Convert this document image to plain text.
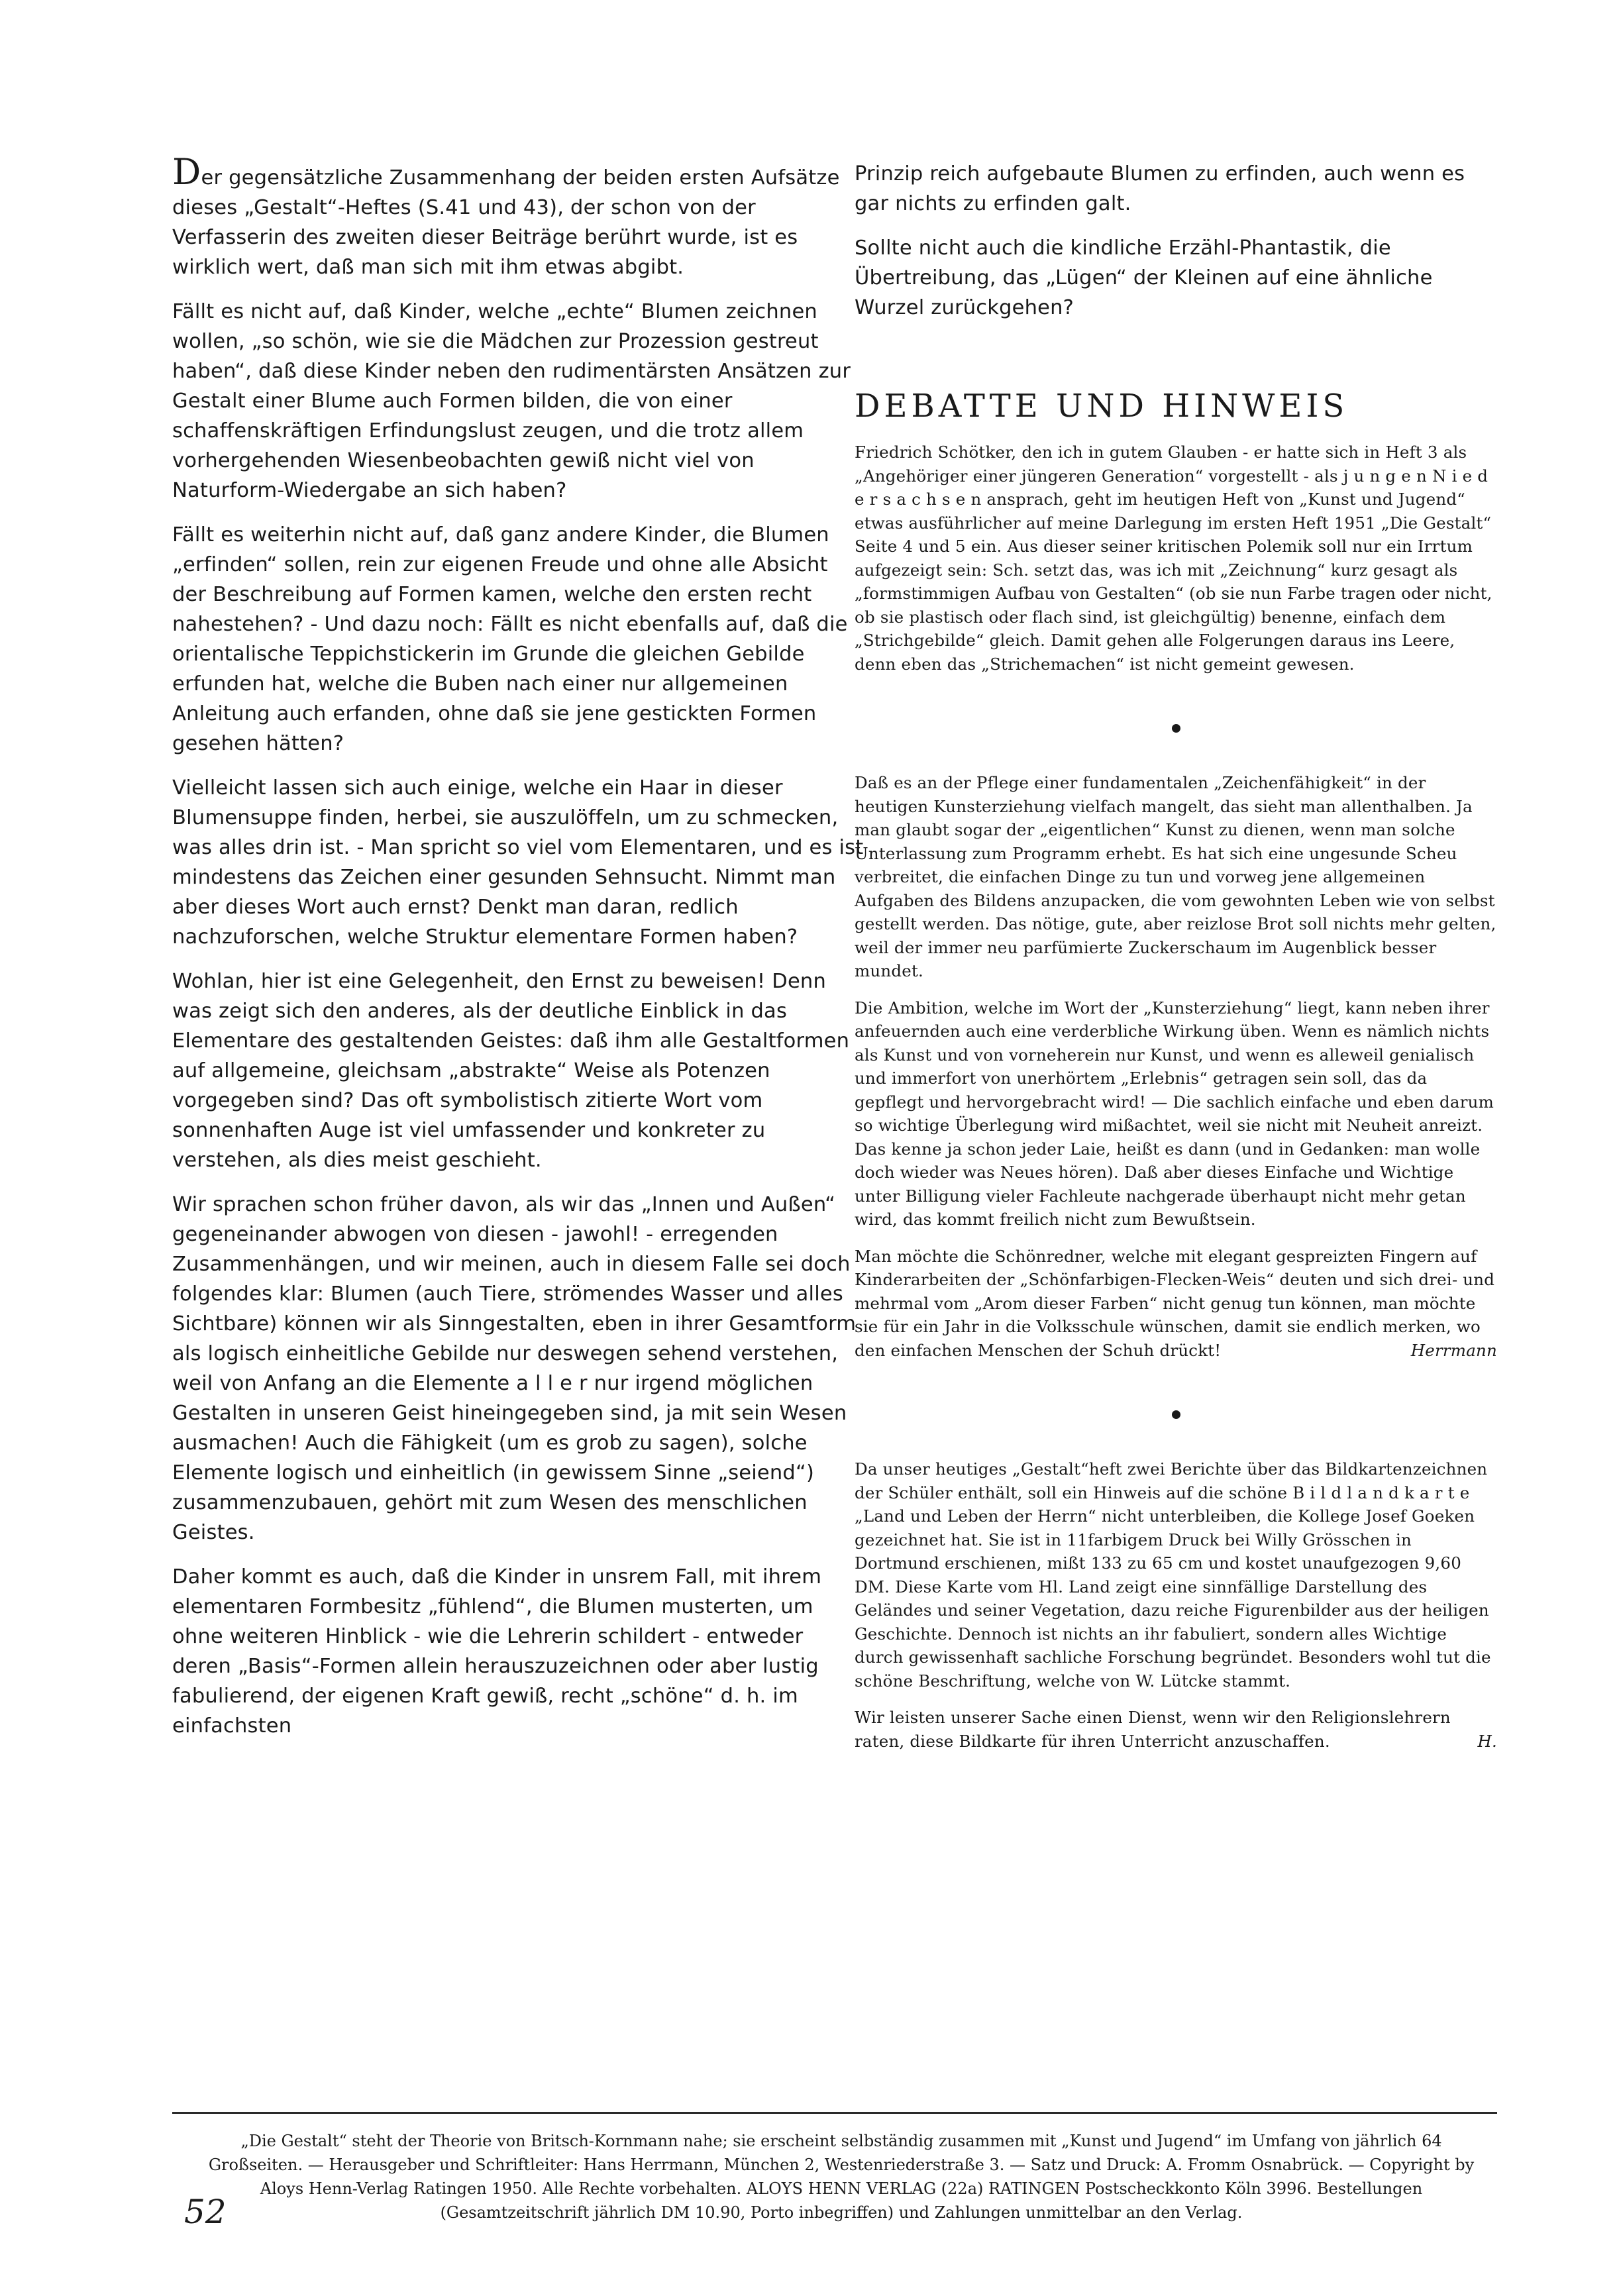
Der gegensätzliche Zusammenhang der beiden ersten Aufsätze dieses „Gestalt“-Heftes (S.41 und 43), der schon von der Verfasserin des zweiten dieser Beiträge berührt wurde, ist es wirklich wert, daß man sich mit ihm etwas abgibt.

Fällt es nicht auf, daß Kinder, welche „echte“ Blumen zeichnen wollen, „so schön, wie sie die Mädchen zur Prozession gestreut haben“, daß diese Kinder neben den rudimentärsten Ansätzen zur Gestalt einer Blume auch Formen bilden, die von einer schaffenskräftigen Erfindungslust zeugen, und die trotz allem vorhergehenden Wiesenbeobachten gewiß nicht viel von Naturform-Wiedergabe an sich haben?

Fällt es weiterhin nicht auf, daß ganz andere Kinder, die Blumen „erfinden“ sollen, rein zur eigenen Freude und ohne alle Absicht der Beschreibung auf Formen kamen, welche den ersten recht nahestehen? - Und dazu noch: Fällt es nicht ebenfalls auf, daß die orientalische Teppichstickerin im Grunde die gleichen Gebilde erfunden hat, welche die Buben nach einer nur allgemeinen Anleitung auch erfanden, ohne daß sie jene gestickten Formen gesehen hätten?

Vielleicht lassen sich auch einige, welche ein Haar in dieser Blumensuppe finden, herbei, sie auszulöffeln, um zu schmecken, was alles drin ist. - Man spricht so viel vom Elementaren, und es ist mindestens das Zeichen einer gesunden Sehnsucht. Nimmt man aber dieses Wort auch ernst? Denkt man daran, redlich nachzuforschen, welche Struktur elementare Formen haben?

Wohlan, hier ist eine Gelegenheit, den Ernst zu beweisen! Denn was zeigt sich den anderes, als der deutliche Einblick in das Elementare des gestaltenden Geistes: daß ihm alle Gestaltformen auf allgemeine, gleichsam „abstrakte“ Weise als Potenzen vorgegeben sind? Das oft symbolistisch zitierte Wort vom sonnenhaften Auge ist viel umfassender und konkreter zu verstehen, als dies meist geschieht.

Wir sprachen schon früher davon, als wir das „Innen und Außen“ gegeneinander abwogen von diesen - jawohl! - erregenden Zusammenhängen, und wir meinen, auch in diesem Falle sei doch folgendes klar: Blumen (auch Tiere, strömendes Wasser und alles Sichtbare) können wir als Sinngestalten, eben in ihrer Gesamtform als logisch einheitliche Gebilde nur deswegen sehend verstehen, weil von Anfang an die Elemente a l l e r nur irgend möglichen Gestalten in unseren Geist hineingegeben sind, ja mit sein Wesen ausmachen! Auch die Fähigkeit (um es grob zu sagen), solche Elemente logisch und einheitlich (in gewissem Sinne „seiend“) zusammenzubauen, gehört mit zum Wesen des menschlichen Geistes.

Daher kommt es auch, daß die Kinder in unsrem Fall, mit ihrem elementaren Formbesitz „fühlend“, die Blumen musterten, um ohne weiteren Hinblick - wie die Lehrerin schildert - entweder deren „Basis“-Formen allein herauszuzeichnen oder aber lustig fabulierend, der eigenen Kraft gewiß, recht „schöne“ d. h. im einfachsten

Prinzip reich aufgebaute Blumen zu erfinden, auch wenn es gar nichts zu erfinden galt.

Sollte nicht auch die kindliche Erzähl-Phantastik, die Übertreibung, das „Lügen“ der Kleinen auf eine ähnliche Wurzel zurückgehen?

DEBATTE UND HINWEIS

Friedrich Schötker, den ich in gutem Glauben - er hatte sich in Heft 3 als „Angehöriger einer jüngeren Generation“ vorgestellt - als j u n g e n N i e d e r s a c h s e n ansprach, geht im heutigen Heft von „Kunst und Jugend“ etwas ausführlicher auf meine Darlegung im ersten Heft 1951 „Die Gestalt“ Seite 4 und 5 ein. Aus dieser seiner kritischen Polemik soll nur ein Irrtum aufgezeigt sein: Sch. setzt das, was ich mit „Zeichnung“ kurz gesagt als „formstimmigen Aufbau von Gestalten“ (ob sie nun Farbe tragen oder nicht, ob sie plastisch oder flach sind, ist gleichgültig) benenne, einfach dem „Strichgebilde“ gleich. Damit gehen alle Folgerungen daraus ins Leere, denn eben das „Strichemachen“ ist nicht gemeint gewesen.

Daß es an der Pflege einer fundamentalen „Zeichenfähigkeit“ in der heutigen Kunsterziehung vielfach mangelt, das sieht man allenthalben. Ja man glaubt sogar der „eigentlichen“ Kunst zu dienen, wenn man solche Unterlassung zum Programm erhebt. Es hat sich eine ungesunde Scheu verbreitet, die einfachen Dinge zu tun und vorweg jene allgemeinen Aufgaben des Bildens anzupacken, die vom gewohnten Leben wie von selbst gestellt werden. Das nötige, gute, aber reizlose Brot soll nichts mehr gelten, weil der immer neu parfümierte Zuckerschaum im Augenblick besser mundet.

Die Ambition, welche im Wort der „Kunsterziehung“ liegt, kann neben ihrer anfeuernden auch eine verderbliche Wirkung üben. Wenn es nämlich nichts als Kunst und von vorneherein nur Kunst, und wenn es alleweil genialisch und immerfort von unerhörtem „Erlebnis“ getragen sein soll, das da gepflegt und hervorgebracht wird! — Die sachlich einfache und eben darum so wichtige Überlegung wird mißachtet, weil sie nicht mit Neuheit anreizt. Das kenne ja schon jeder Laie, heißt es dann (und in Gedanken: man wolle doch wieder was Neues hören). Daß aber dieses Einfache und Wichtige unter Billigung vieler Fachleute nachgerade überhaupt nicht mehr getan wird, das kommt freilich nicht zum Bewußtsein.

Man möchte die Schönredner, welche mit elegant gespreizten Fingern auf Kinderarbeiten der „Schönfarbigen-Flecken-Weis“ deuten und sich drei- und mehrmal vom „Arom dieser Farben“ nicht genug tun können, man möchte sie für ein Jahr in die Volksschule wünschen, damit sie endlich merken, wo den einfachen Menschen der Schuh drückt!	Herrmann

Da unser heutiges „Gestalt“heft zwei Berichte über das Bildkartenzeichnen der Schüler enthält, soll ein Hinweis auf die schöne B i l d l a n d k a r t e „Land und Leben der Herrn“ nicht unterbleiben, die Kollege Josef Goeken gezeichnet hat. Sie ist in 11farbigem Druck bei Willy Grösschen in Dortmund erschienen, mißt 133 zu 65 cm und kostet unaufgezogen 9,60 DM. Diese Karte vom Hl. Land zeigt eine sinnfällige Darstellung des Geländes und seiner Vegetation, dazu reiche Figurenbilder aus der heiligen Geschichte. Dennoch ist nichts an ihr fabuliert, sondern alles Wichtige durch gewissenhaft sachliche Forschung begründet. Besonders wohl tut die schöne Beschriftung, welche von W. Lütcke stammt.

Wir leisten unserer Sache einen Dienst, wenn wir den Religionslehrern raten, diese Bildkarte für ihren Unterricht anzuschaffen.	H.

„Die Gestalt“ steht der Theorie von Britsch-Kornmann nahe; sie erscheint selbständig zusammen mit „Kunst und Jugend“ im Umfang von jährlich 64 Großseiten. — Herausgeber und Schriftleiter: Hans Herrmann, München 2, Westenriederstraße 3. — Satz und Druck: A. Fromm Osnabrück. — Copyright by Aloys Henn-Verlag Ratingen 1950. Alle Rechte vorbehalten. ALOYS HENN VERLAG (22a) RATINGEN Postscheckkonto Köln 3996. Bestellungen (Gesamtzeitschrift jährlich DM 10.90, Porto inbegriffen) und Zahlungen unmittelbar an den Verlag.
52
